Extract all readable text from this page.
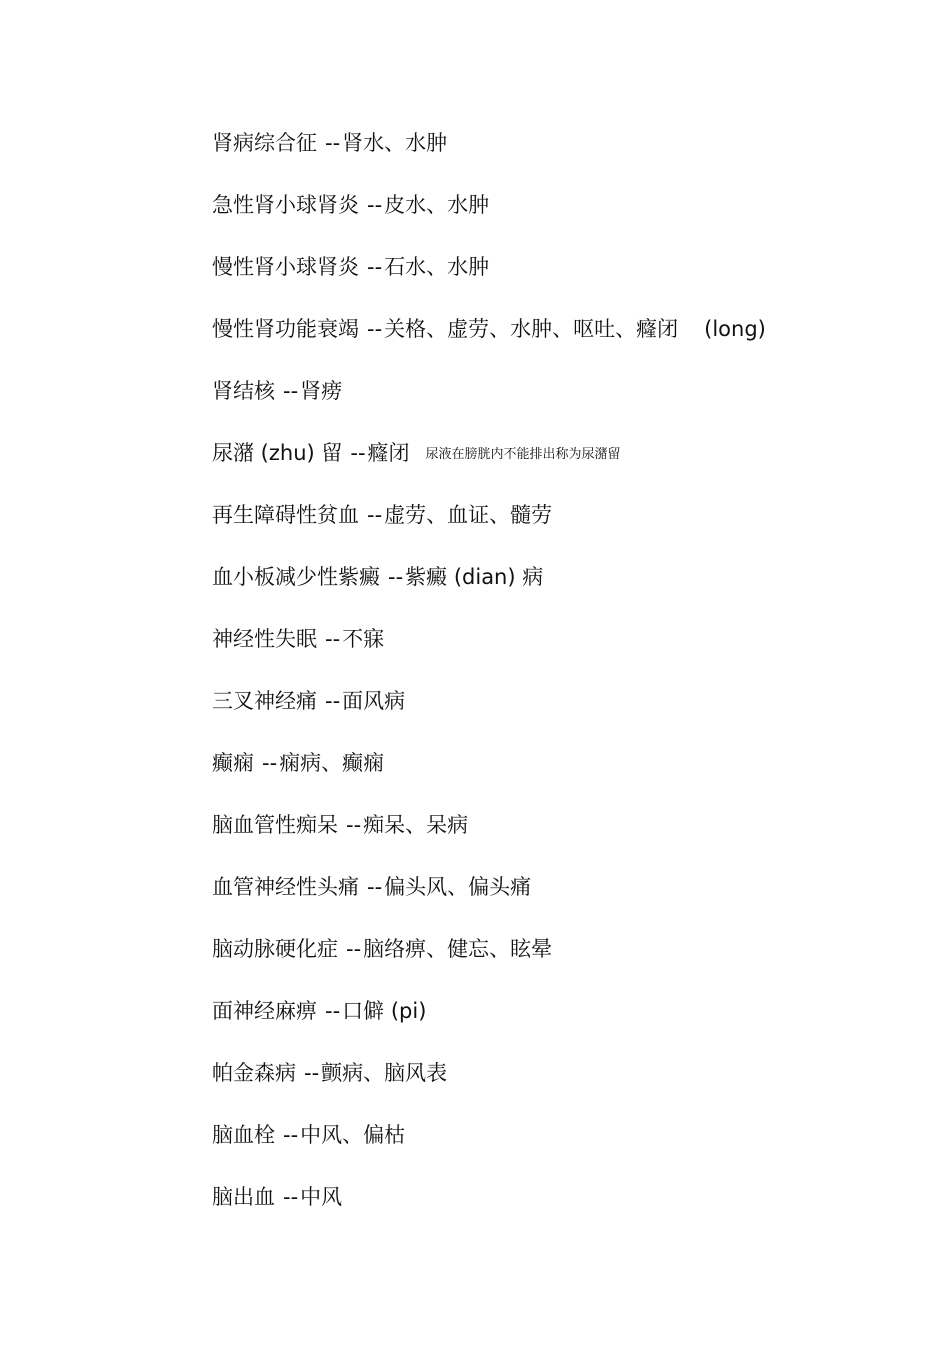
肾病综合征 --肾水、水肿
急性肾小球肾炎 --皮水、水肿
慢性肾小球肾炎 --石水、水肿
慢性肾功能衰竭 --关格、虚劳、水肿、呕吐、癃闭 (long)
肾结核 --肾痨
尿潴 (zhu) 留 --癃闭 尿液在膀胱内不能排出称为尿潴留
再生障碍性贫血 --虚劳、血证、髓劳
血小板减少性紫癜 --紫癜 (dian) 病
神经性失眠 --不寐
三叉神经痛 --面风病
癫痫 --痫病、癫痫
脑血管性痴呆 --痴呆、呆病
血管神经性头痛 --偏头风、偏头痛
脑动脉硬化症 --脑络痹、健忘、眩晕
面神经麻痹 --口僻 (pi)
帕金森病 --颤病、脑风表
脑血栓 --中风、偏枯
脑出血 --中风
